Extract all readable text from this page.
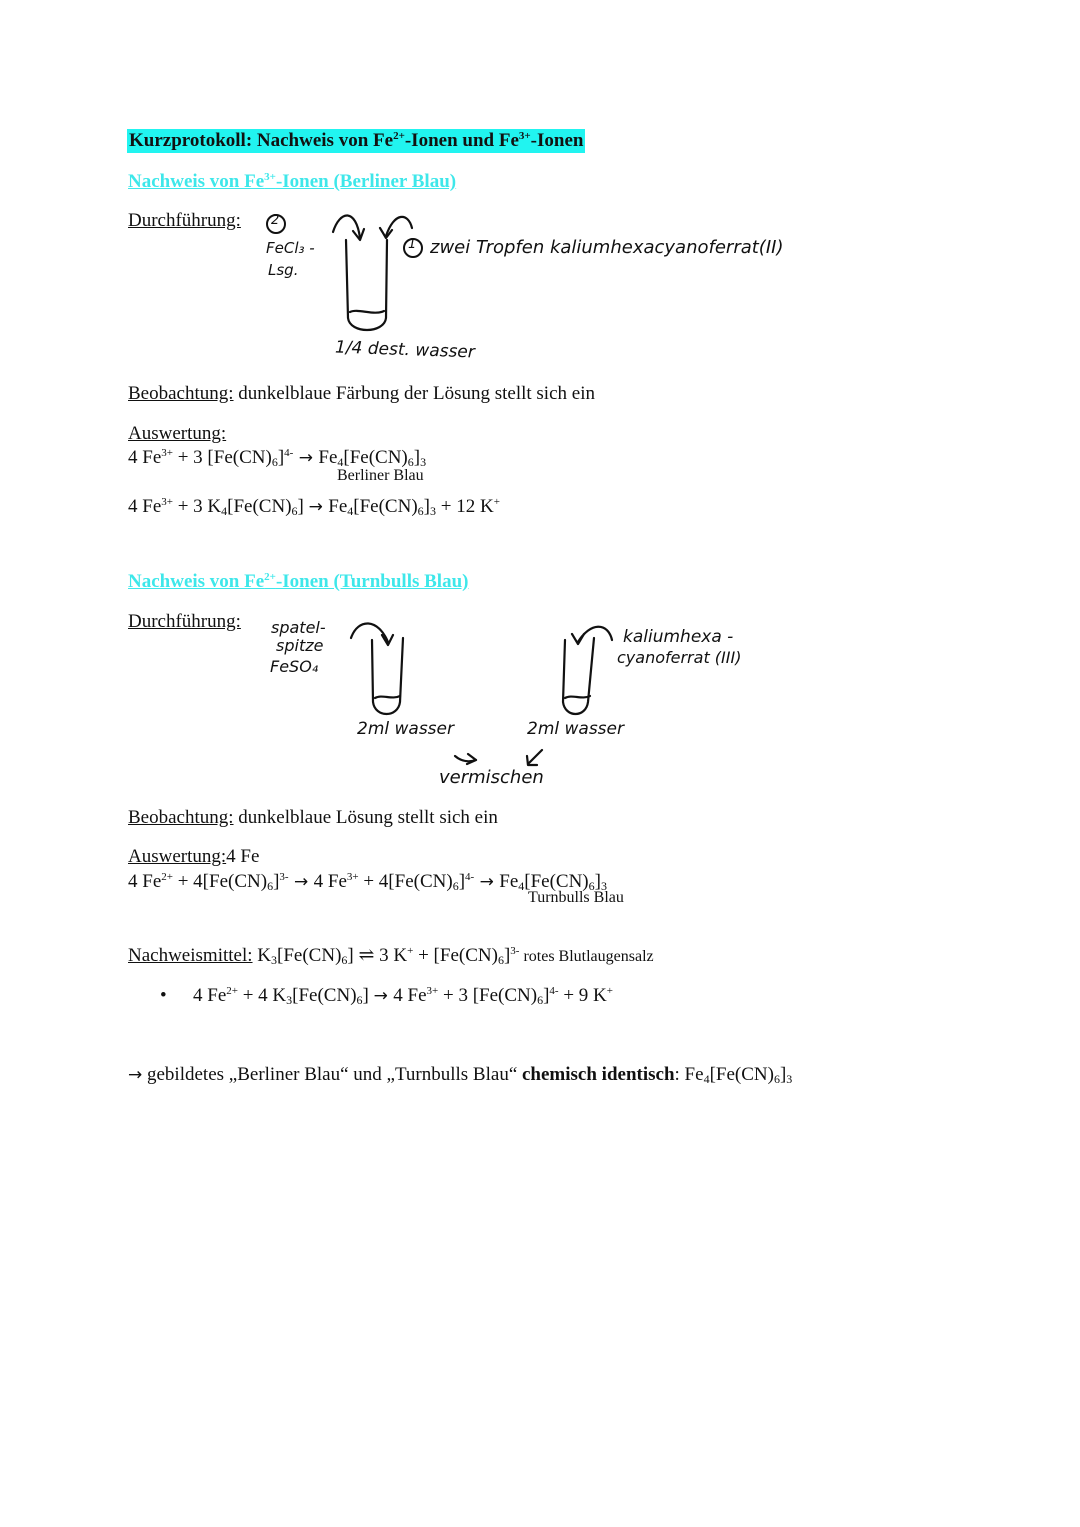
Kurzprotokoll: Nachweis von $Fe^{2+}$-Ionen und $Fe^{3+}$-Ionen
Nachweis von $Fe^{3+}$-Ionen (Berliner Blau)
Durchführung: 2
FeCl₃ -
Lsg.
1 zwei Tropfen kaliumhexacyanoferrat(II)
1/4 dest. wasser
Beobachtung: dunkelblaue Färbung der Lösung stellt sich ein
Auswertung:
4 $Fe^{3+} + 3$ $[Fe(CN)_6]^{4-} \to Fe_4[Fe(CN)_6]_3$
Berliner Blau
4 $Fe^{3+} + 3$ $K_4[Fe(CN)_6] \to Fe_4[Fe(CN)_6]_3 + 12$ K+
Nachweis von $Fe^{2+}$-Ionen (Turnbulls Blau)
Durchführung: spatel-
spitze
FeSO₄
kaliumhexa -
cyanoferrat (III)
2ml wasser	2ml wasser
vermischen
Beobachtung: dunkelblaue Lösung stellt sich ein
Auswertung:4 Fe
4 $Fe^{2+} + 4[Fe(CN)_6]^{3-} \to 4$ $Fe^{3+} + 4[Fe(CN)_6]^{4-} \to Fe_4[Fe(CN)_6]_3$
Turnbulls Blau
Nachweismittel: $K_3[Fe(CN)_6]$ ⇌ 3 $K^+ + [Fe(CN)_6]^{3-}$ rotes Blutlaugensalz
• 4 $Fe^{2+} + 4$ $K_3[Fe(CN)_6] \to 4$ $Fe^{3+} + 3$ $[Fe(CN)_6]^{4-} + 9$ K+
→ gebildetes „Berliner Blau“ und „Turnbulls Blau“ chemisch identisch: $Fe_4[Fe(CN)_6]_3$
